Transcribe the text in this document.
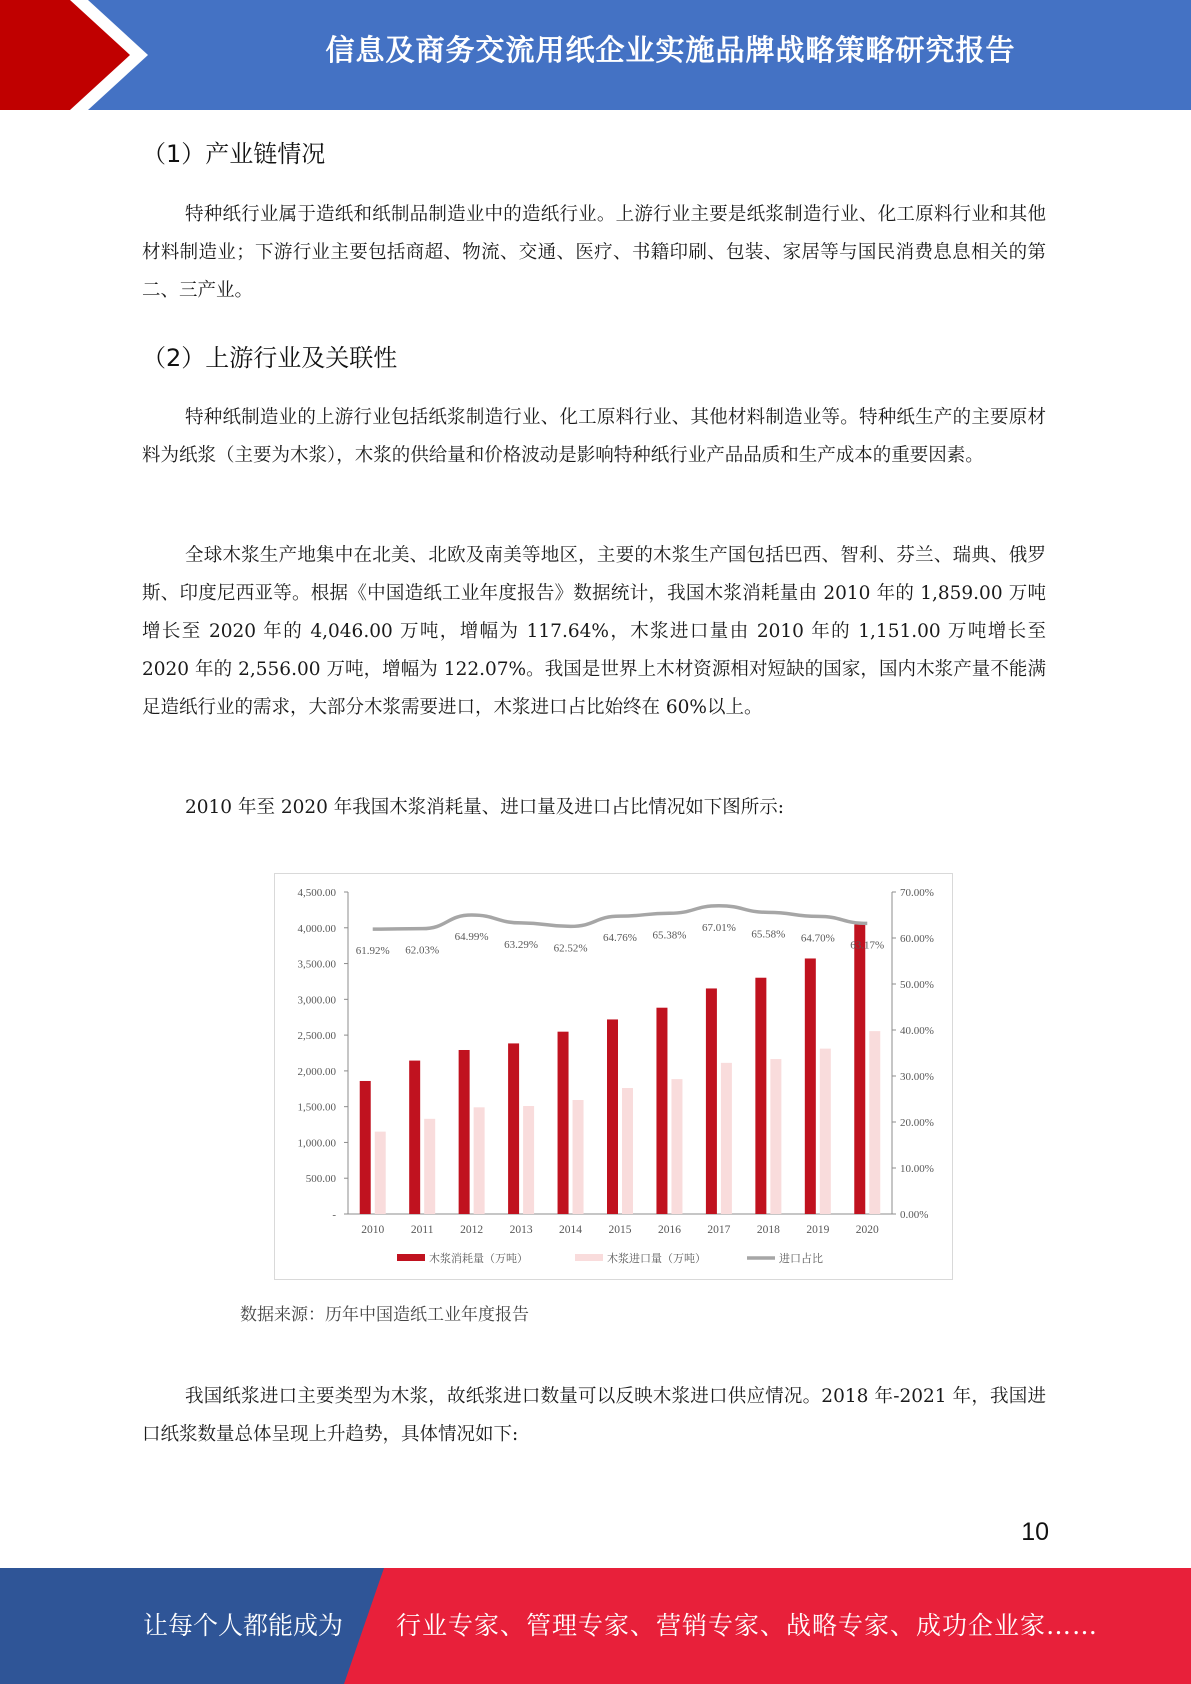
信息及商务交流用纸企业实施品牌战略策略研究报告
（1）产业链情况

特种纸行业属于造纸和纸制品制造业中的造纸行业。上游行业主要是纸浆制造行业、化工原料行业和其他材料制造业；下游行业主要包括商超、物流、交通、医疗、书籍印刷、包装、家居等与国民消费息息相关的第二、三产业。

（2）上游行业及关联性

特种纸制造业的上游行业包括纸浆制造行业、化工原料行业、其他材料制造业等。特种纸生产的主要原材料为纸浆（主要为木浆），木浆的供给量和价格波动是影响特种纸行业产品品质和生产成本的重要因素。

全球木浆生产地集中在北美、北欧及南美等地区，主要的木浆生产国包括巴西、智利、芬兰、瑞典、俄罗斯、印度尼西亚等。根据《中国造纸工业年度报告》数据统计，我国木浆消耗量由 2010 年的 1,859.00 万吨增长至 2020 年的 4,046.00 万吨，增幅为 117.64%，木浆进口量由 2010 年的 1,151.00 万吨增长至 2020 年的 2,556.00 万吨，增幅为 122.07%。我国是世界上木材资源相对短缺的国家，国内木浆产量不能满足造纸行业的需求，大部分木浆需要进口，木浆进口占比始终在 60%以上。

2010 年至 2020 年我国木浆消耗量、进口量及进口占比情况如下图所示:

-
500.00
1,000.00
1,500.00
2,000.00
2,500.00
3,000.00
3,500.00
4,000.00
4,500.00
0.00%
10.00%
20.00%
30.00%
40.00%
50.00%
60.00%
70.00%
2010 2011 2012 2013 2014 2015 2016 2017 2018 2019 2020
61.92% 62.03%
64.99%
63.29% 62.52%
64.76% 65.38%
67.01%
65.58% 64.70%
63.17%
木浆消耗量（万吨）	木浆进口量（万吨）	进口占比
数据来源：历年中国造纸工业年度报告

我国纸浆进口主要类型为木浆，故纸浆进口数量可以反映木浆进口供应情况。2018 年-2021 年，我国进口纸浆数量总体呈现上升趋势，具体情况如下:

10
让每个人都能成为 行业专家、管理专家、营销专家、战略专家、成功企业家……
